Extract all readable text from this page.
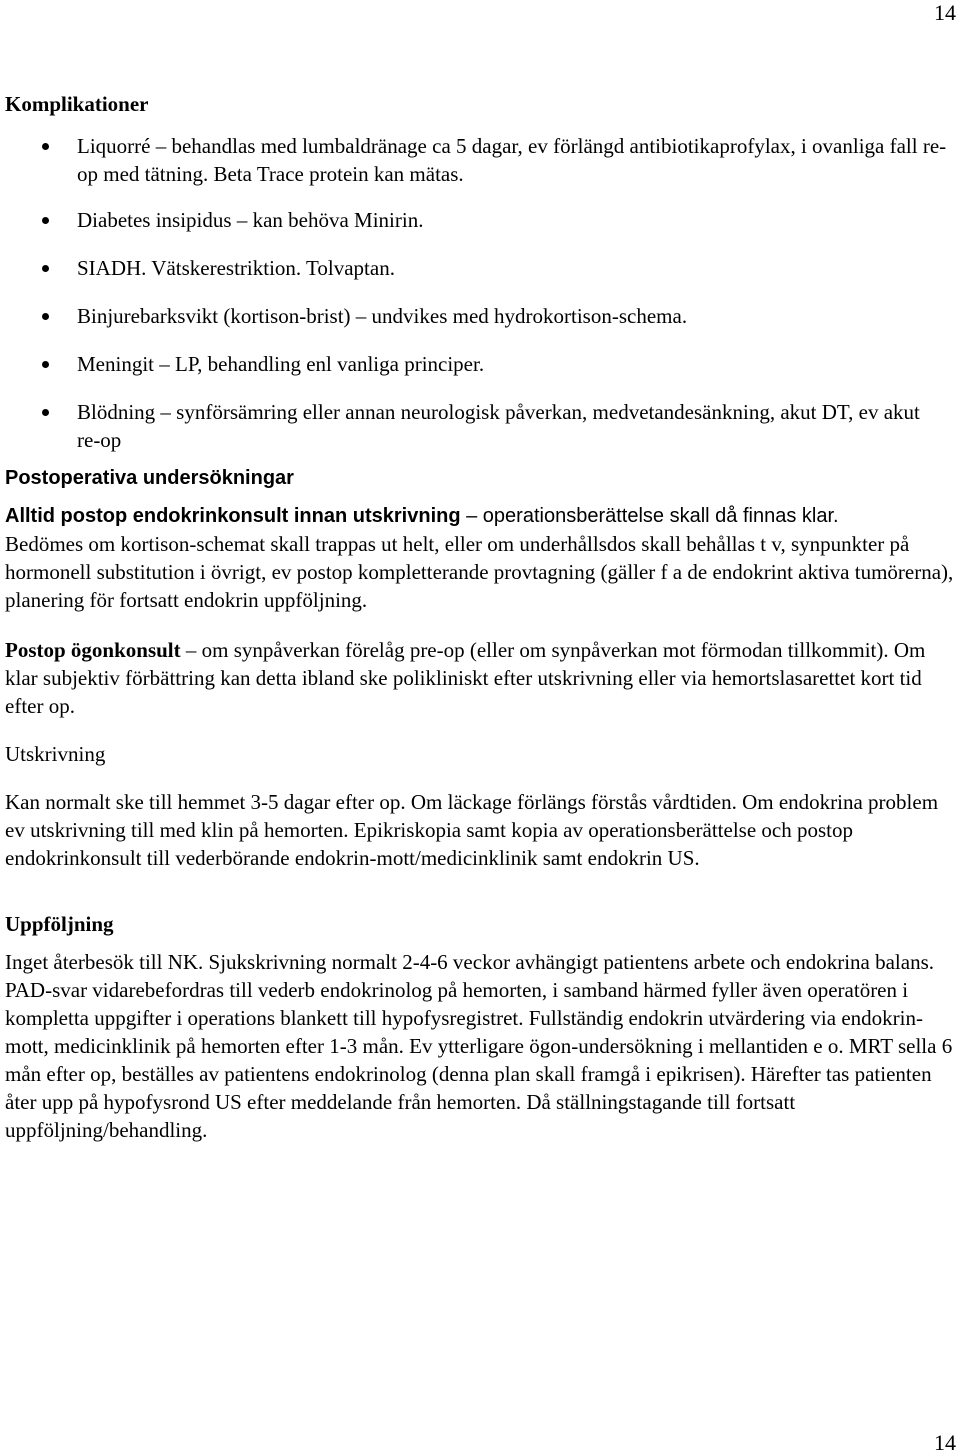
14
Komplikationer
Liquorré – behandlas med lumbaldränage ca 5 dagar, ev förlängd antibiotikaprofylax, i ovanliga fall re-op med tätning. Beta Trace protein kan mätas.
Diabetes insipidus – kan behöva Minirin.
SIADH. Vätskerestriktion. Tolvaptan.
Binjurebarksvikt (kortison-brist) – undvikes med hydrokortison-schema.
Meningit – LP, behandling enl vanliga principer.
Blödning – synförsämring eller annan neurologisk påverkan, medvetandesänkning, akut DT, ev akut re-op
Postoperativa undersökningar

Alltid postop endokrinkonsult innan utskrivning – operationsberättelse skall då finnas klar.

Bedömes om kortison-schemat skall trappas ut helt, eller om underhållsdos skall behållas t v, synpunkter på hormonell substitution i övrigt, ev postop kompletterande provtagning (gäller f a de endokrint aktiva tumörerna), planering för fortsatt endokrin uppföljning.

Postop ögonkonsult – om synpåverkan förelåg pre-op (eller om synpåverkan mot förmodan tillkommit). Om klar subjektiv förbättring kan detta ibland ske polikliniskt efter utskrivning eller via hemortslasarettet kort tid efter op.

Utskrivning

Kan normalt ske till hemmet 3-5 dagar efter op. Om läckage förlängs förstås vårdtiden. Om endokrina problem ev utskrivning till med klin på hemorten. Epikriskopia samt kopia av operationsberättelse och postop endokrinkonsult till vederbörande endokrin-mott/medicinklinik samt endokrin US.

Uppföljning

Inget återbesök till NK. Sjukskrivning normalt 2-4-6 veckor avhängigt patientens arbete och endokrina balans.

PAD-svar vidarebefordras till vederb endokrinolog på hemorten, i samband härmed fyller även operatören i kompletta uppgifter i operations blankett till hypofysregistret. Fullständig endokrin utvärdering via endokrin-mott, medicinklinik på hemorten efter 1-3 mån. Ev ytterligare ögon-undersökning i mellantiden e o. MRT sella 6 mån efter op, beställes av patientens endokrinolog (denna plan skall framgå i epikrisen). Härefter tas patienten åter upp på hypofysrond US efter meddelande från hemorten. Då ställningstagande till fortsatt uppföljning/behandling.

14
